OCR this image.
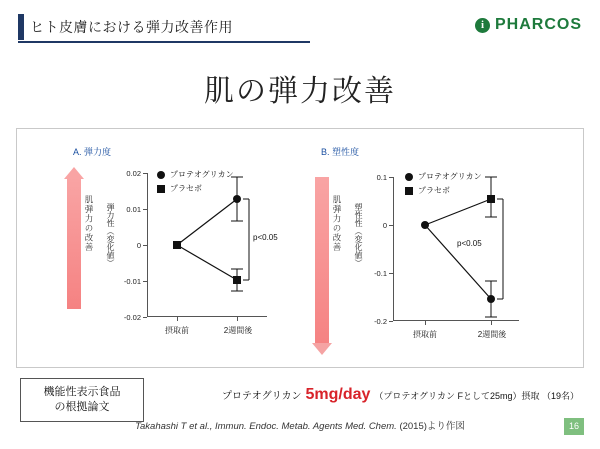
ヒト皮膚における弾力改善作用	i PHARCOS
肌の弾力改善
A. 弾力度
肌弾力の改善 弾力性（変化値）
0.02
0.01
0
-0.01
-0.02
p<0.05
摂取前	2週間後
プロテオグリカン
プラセボ
B. 塑性度
肌弾力の改善 塑性性（変化値）
0.1
0
-0.1
-0.2
p<0.05
摂取前	2週間後
プロテオグリカン
プラセボ
機能性表示食品
の根拠論文
プロテオグリカン 5mg/day （プロテオグリカン Fとして25mg）摂取 （19名）
Takahashi T et al., Immun. Endoc. Metab. Agents Med. Chem. (2015)より作図	16
